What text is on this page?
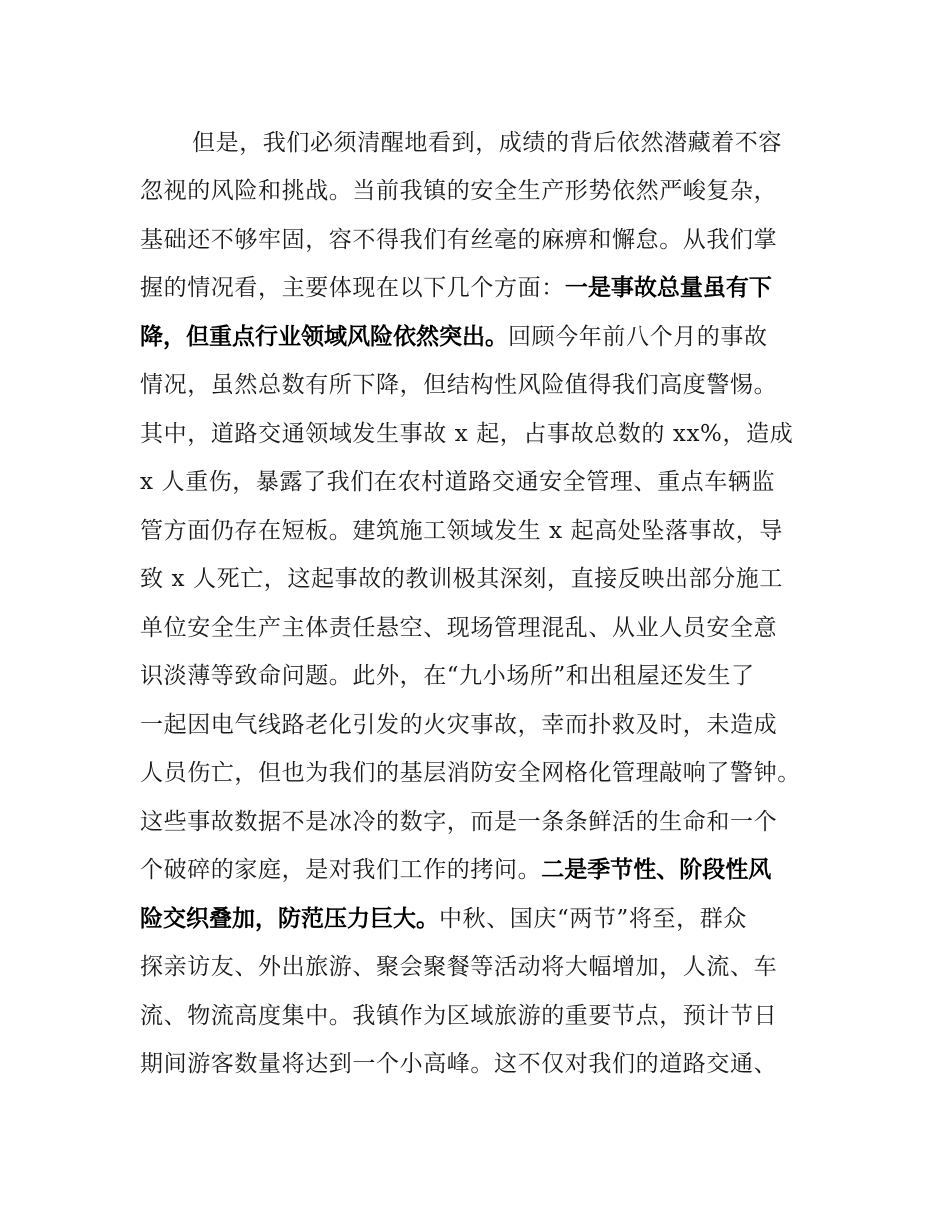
但是，我们必须清醒地看到，成绩的背后依然潜藏着不容
忽视的风险和挑战。当前我镇的安全生产形势依然严峻复杂，
基础还不够牢固，容不得我们有丝毫的麻痹和懈怠。从我们掌
握的情况看，主要体现在以下几个方面：一是事故总量虽有下
降，但重点行业领域风险依然突出。回顾今年前八个月的事故
情况，虽然总数有所下降，但结构性风险值得我们高度警惕。
其中，道路交通领域发生事故 x 起，占事故总数的 xx%，造成
x 人重伤，暴露了我们在农村道路交通安全管理、重点车辆监
管方面仍存在短板。建筑施工领域发生 x 起高处坠落事故，导
致 x 人死亡，这起事故的教训极其深刻，直接反映出部分施工
单位安全生产主体责任悬空、现场管理混乱、从业人员安全意
识淡薄等致命问题。此外，在“九小场所”和出租屋还发生了
一起因电气线路老化引发的火灾事故，幸而扑救及时，未造成
人员伤亡，但也为我们的基层消防安全网格化管理敲响了警钟。
这些事故数据不是冰冷的数字，而是一条条鲜活的生命和一个
个破碎的家庭，是对我们工作的拷问。二是季节性、阶段性风
险交织叠加，防范压力巨大。中秋、国庆“两节”将至，群众
探亲访友、外出旅游、聚会聚餐等活动将大幅增加，人流、车
流、物流高度集中。我镇作为区域旅游的重要节点，预计节日
期间游客数量将达到一个小高峰。这不仅对我们的道路交通、
